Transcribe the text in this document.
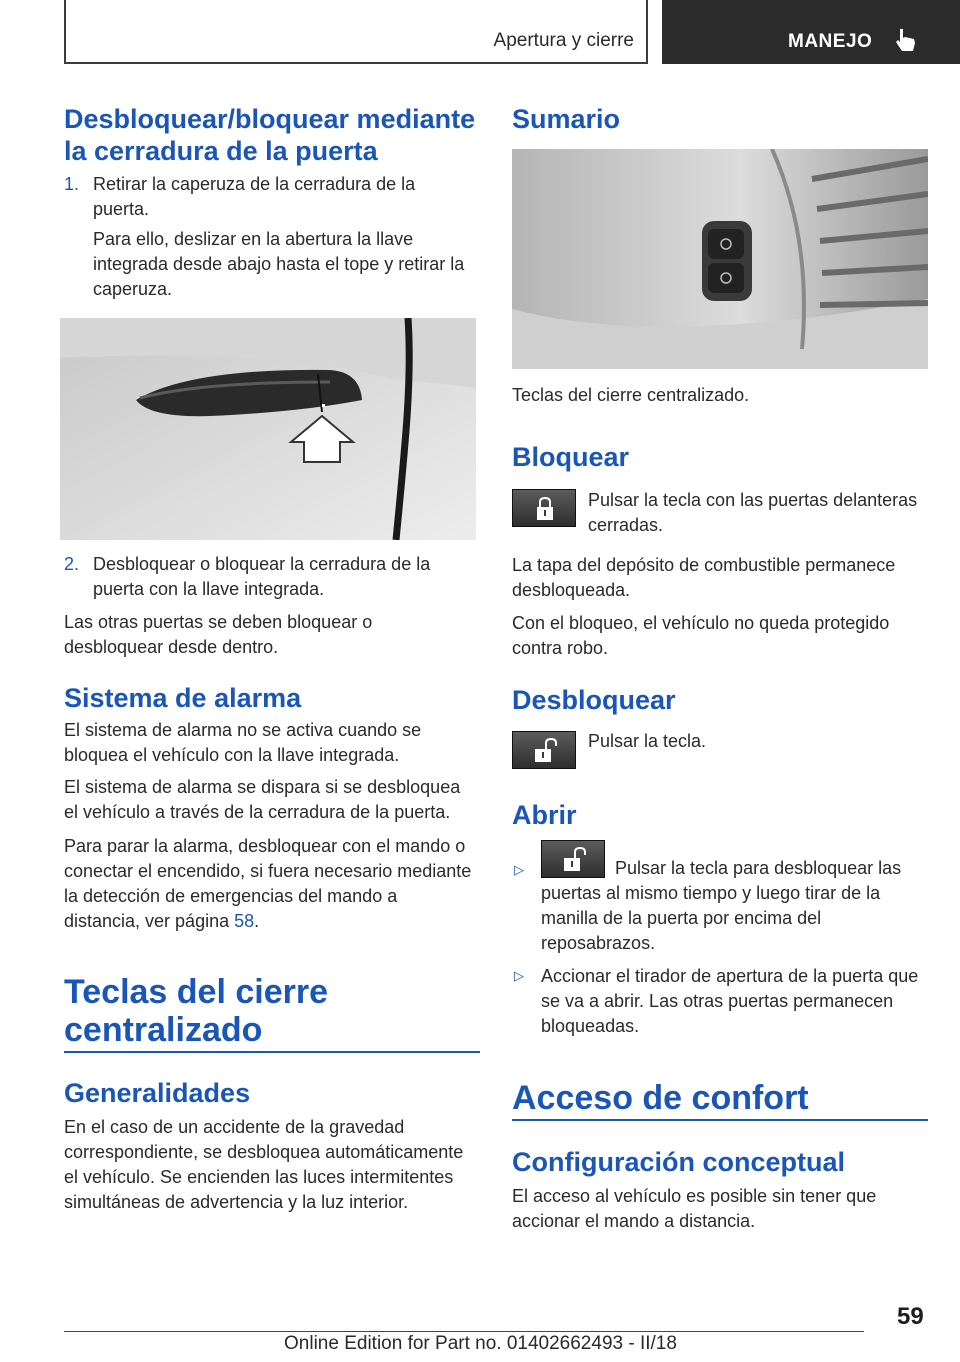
Apertura y cierre	MANEJO
Desbloquear/bloquear mediante la cerradura de la puerta
1. Retirar la caperuza de la cerradura de la puerta.

Para ello, deslizar en la abertura la llave integrada desde abajo hasta el tope y retirar la caperuza.

2. Desbloquear o bloquear la cerradura de la puerta con la llave integrada.

Las otras puertas se deben bloquear o desbloquear desde dentro.

Sistema de alarma

El sistema de alarma no se activa cuando se bloquea el vehículo con la llave integrada.

El sistema de alarma se dispara si se desbloquea el vehículo a través de la cerradura de la puerta.

Para parar la alarma, desbloquear con el mando o conectar el encendido, si fuera necesario mediante la detección de emergencias del mando a distancia, ver página 58.

Teclas del cierre centralizado
Generalidades

En el caso de un accidente de la gravedad correspondiente, se desbloquea automáticamente el vehículo. Se encienden las luces intermitentes simultáneas de advertencia y la luz interior.

Sumario

Teclas del cierre centralizado.

Bloquear

Pulsar la tecla con las puertas delanteras cerradas.

La tapa del depósito de combustible permanece desbloqueada.

Con el bloqueo, el vehículo no queda protegido contra robo.

Desbloquear

Pulsar la tecla.

Abrir
▷	Pulsar la tecla para desbloquear las puertas al mismo tiempo y luego tirar de la manilla de la puerta por encima del reposabrazos.

▷ Accionar el tirador de apertura de la puerta que se va a abrir. Las otras puertas permanecen bloqueadas.

Acceso de confort
Configuración conceptual

El acceso al vehículo es posible sin tener que accionar el mando a distancia.

59
Online Edition for Part no. 01402662493 - II/18
